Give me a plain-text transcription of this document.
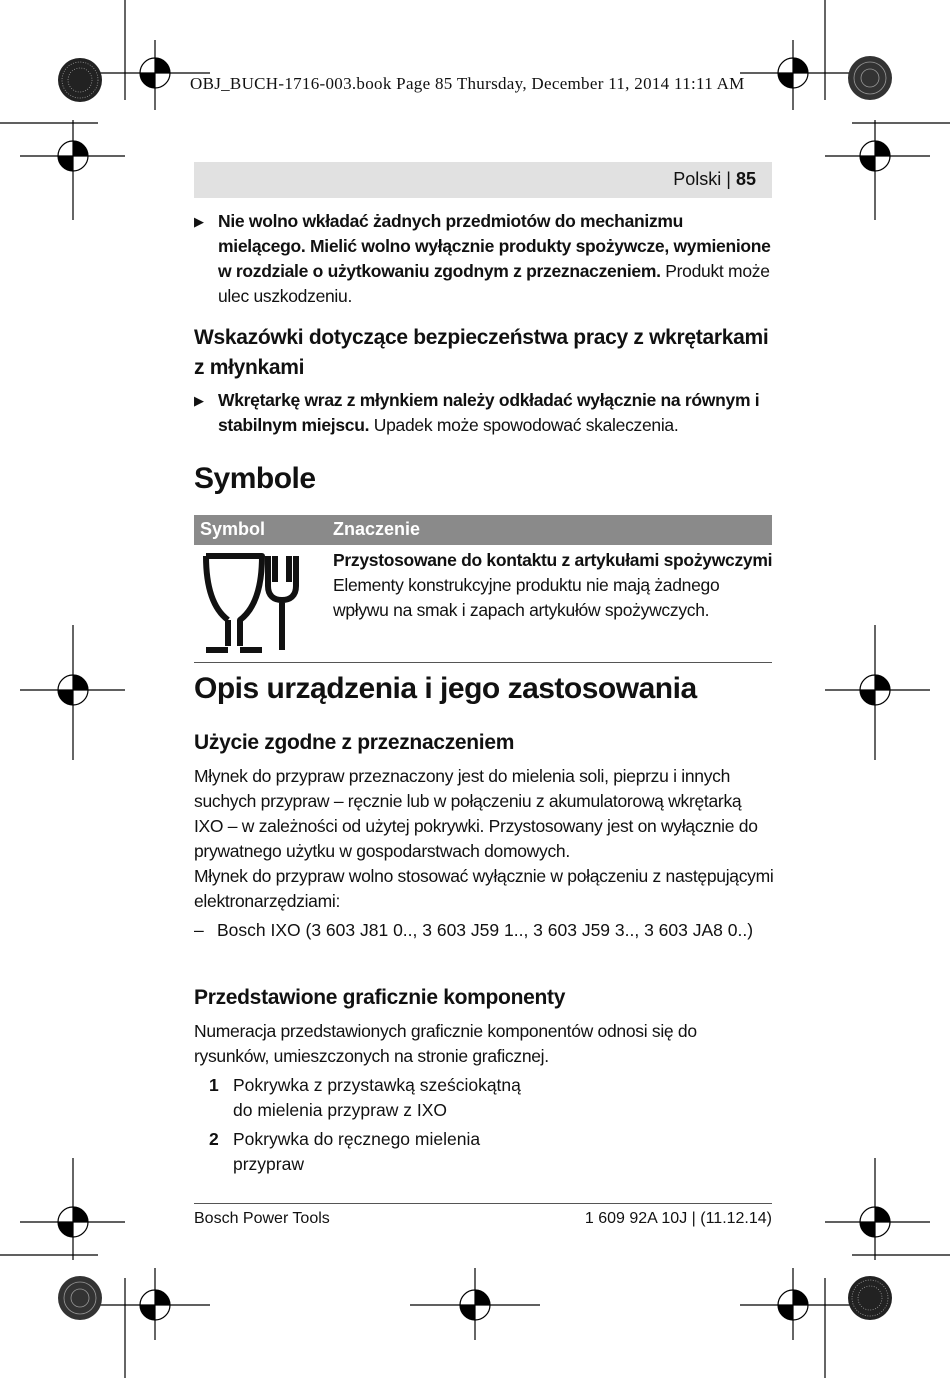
OBJ_BUCH-1716-003.book Page 85 Thursday, December 11, 2014 11:11 AM
Polski | 85
▶ Nie wolno wkładać żadnych przedmiotów do mechanizmu mielącego. Mielić wolno wyłącznie produkty spożywcze, wymienione w rozdziale o użytkowaniu zgodnym z przeznaczeniem. Produkt może ulec uszkodzeniu.
Wskazówki dotyczące bezpieczeństwa pracy z wkrętarkami z młynkami
▶ Wkrętarkę wraz z młynkiem należy odkładać wyłącznie na równym i stabilnym miejscu. Upadek może spowodować skaleczenia.
Symbole
Symbol	Znaczenie
Przystosowane do kontaktu z artykułami spożywczymi
Elementy konstrukcyjne produktu nie mają żadnego wpływu na smak i zapach artykułów spożywczych.
Opis urządzenia i jego zastosowania
Użycie zgodne z przeznaczeniem
Młynek do przypraw przeznaczony jest do mielenia soli, pieprzu i innych suchych przypraw – ręcznie lub w połączeniu z akumulatorową wkrętarką IXO – w zależności od użytej pokrywki. Przystosowany jest on wyłącznie do prywatnego użytku w gospodarstwach domowych.
Młynek do przypraw wolno stosować wyłącznie w połączeniu z następującymi elektronarzędziami:
– Bosch IXO (3 603 J81 0.., 3 603 J59 1.., 3 603 J59 3.., 3 603 JA8 0..)
Przedstawione graficznie komponenty
Numeracja przedstawionych graficznie komponentów odnosi się do rysunków, umieszczonych na stronie graficznej.
1 Pokrywka z przystawką sześciokątną do mielenia przypraw z IXO
2 Pokrywka do ręcznego mielenia przypraw
Bosch Power Tools	1 609 92A 10J | (11.12.14)
